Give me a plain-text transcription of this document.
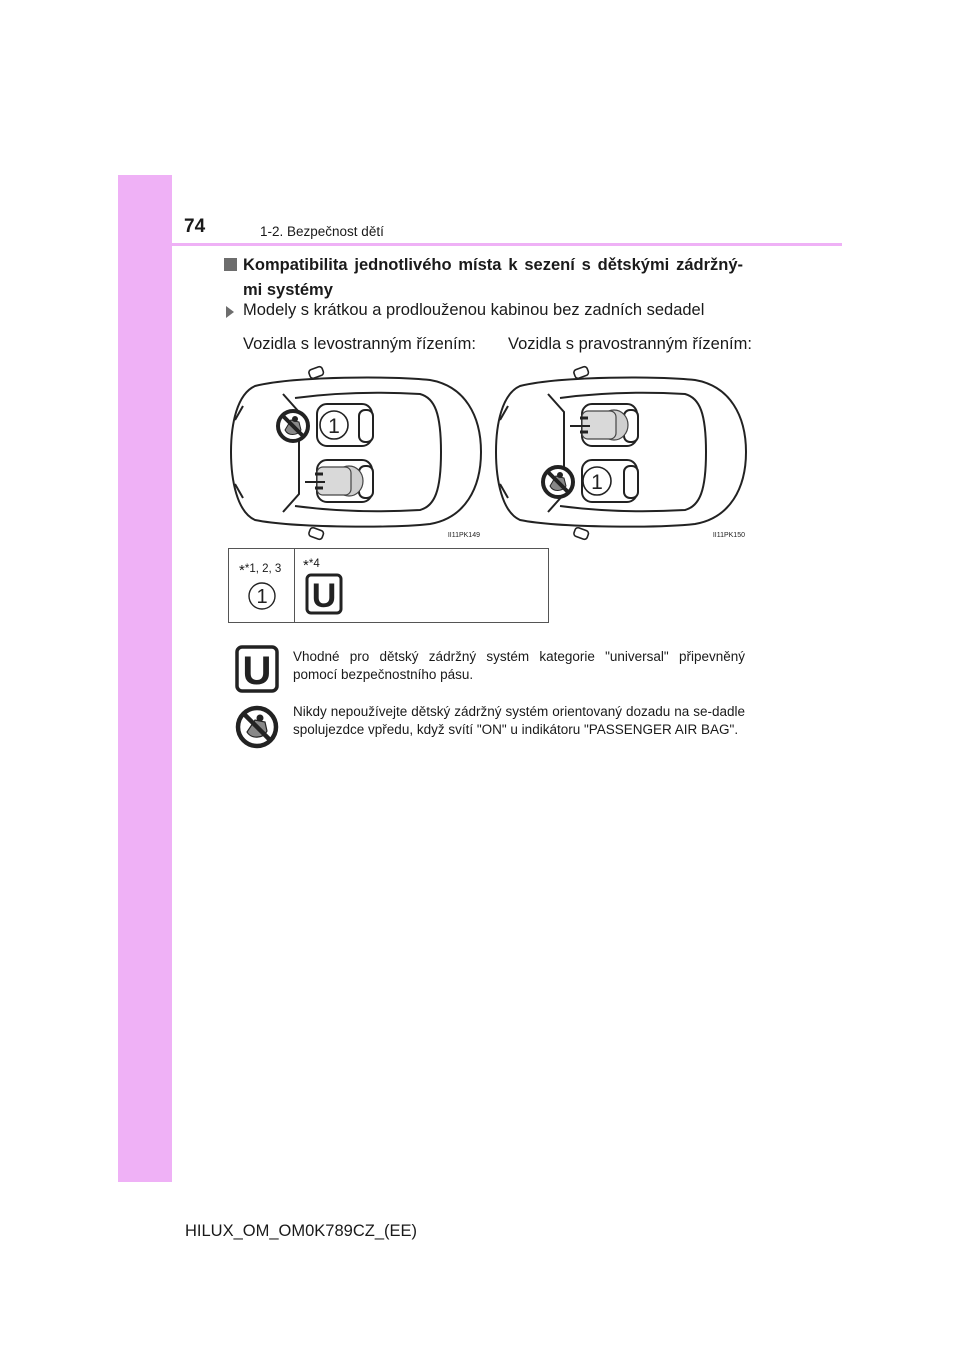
74	1-2. Bezpečnost dětí
Kompatibilita jednotlivého místa k sezení s dětskými zádržný-mi systémy
Modely s krátkou a prodlouženou kabinou bez zadních sedadel
Vozidla s levostranným řízením: Vozidla s pravostranným řízením:
1
II11PK149
1
II11PK150
**1, 2, 3
1
**4
U
U Vhodné pro dětský zádržný systém kategorie "universal" připevněný pomocí bezpečnostního pásu.
Nikdy nepoužívejte dětský zádržný systém orientovaný dozadu na se-dadle spolujezdce vpředu, když svítí "ON" u indikátoru "PASSENGER AIR BAG".
HILUX_OM_OM0K789CZ_(EE)
